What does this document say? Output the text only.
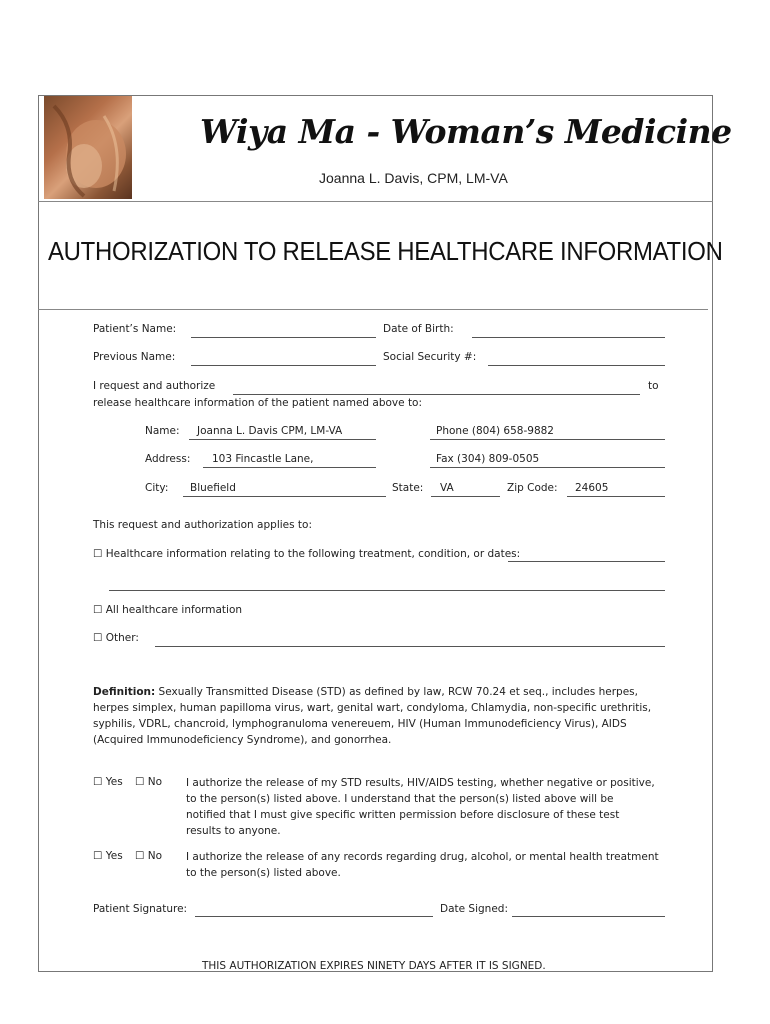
Wiya Ma - Woman’s Medicine
Joanna L. Davis, CPM, LM-VA
AUTHORIZATION TO RELEASE HEALTHCARE INFORMATION
Patient’s Name:	Date of Birth:
Previous Name:	Social Security #:
I request and authorize	to
release healthcare information of the patient named above to:
Name: Joanna L. Davis CPM, LM-VA	Phone (804) 658-9882
Address: 103 Fincastle Lane,	Fax (304) 809-0505
City: Bluefield	State: VA	Zip Code: 24605
This request and authorization applies to:
☐ Healthcare information relating to the following treatment, condition, or dates:
☐ All healthcare information
☐ Other:
Definition: Sexually Transmitted Disease (STD) as defined by law, RCW 70.24 et seq., includes herpes, herpes simplex, human papilloma virus, wart, genital wart, condyloma, Chlamydia, non-specific urethritis, syphilis, VDRL, chancroid, lymphogranuloma venereuem, HIV (Human Immunodeficiency Virus), AIDS (Acquired Immunodeficiency Syndrome), and gonorrhea.
☐ Yes ☐ No I authorize the release of my STD results, HIV/AIDS testing, whether negative or positive, to the person(s) listed above. I understand that the person(s) listed above will be notified that I must give specific written permission before disclosure of these test results to anyone.
☐ Yes ☐ No I authorize the release of any records regarding drug, alcohol, or mental health treatment to the person(s) listed above.
Patient Signature:	Date Signed:
THIS AUTHORIZATION EXPIRES NINETY DAYS AFTER IT IS SIGNED.
